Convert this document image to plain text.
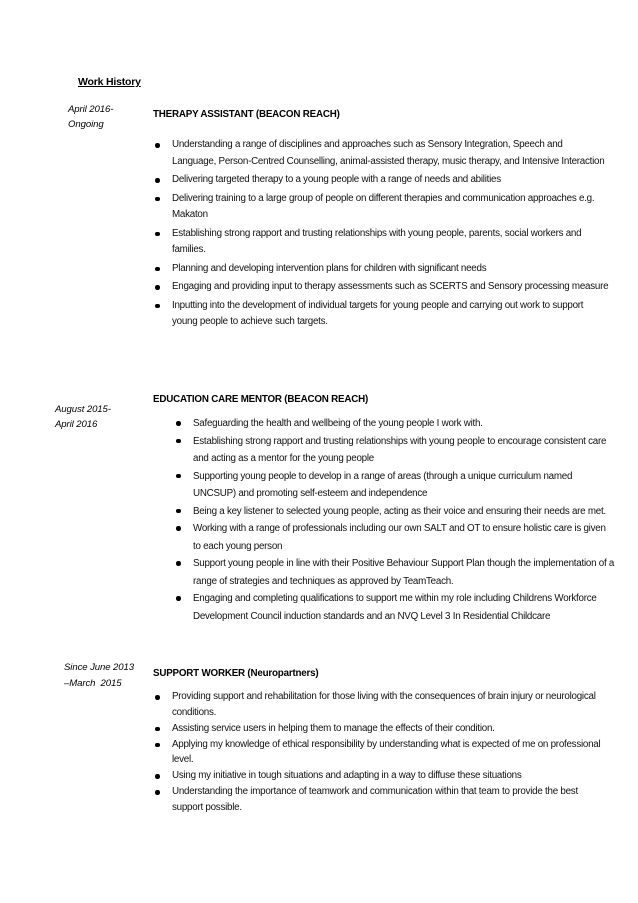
Work History
April 2016-
Ongoing
THERAPY ASSISTANT (BEACON REACH)
Understanding a range of disciplines and approaches such as Sensory Integration, Speech and Language, Person-Centred Counselling, animal-assisted therapy, music therapy, and Intensive Interaction
Delivering targeted therapy to a young people with a range of needs and abilities
Delivering training to a large group of people on different therapies and communication approaches e.g. Makaton
Establishing strong rapport and trusting relationships with young people, parents, social workers and families.
Planning and developing intervention plans for children with significant needs
Engaging and providing input to therapy assessments such as SCERTS and Sensory processing measure
Inputting into the development of individual targets for young people and carrying out work to support young people to achieve such targets.
August 2015-
April 2016
EDUCATION CARE MENTOR (BEACON REACH)
Safeguarding the health and wellbeing of the young people I work with.
Establishing strong rapport and trusting relationships with young people to encourage consistent care and acting as a mentor for the young people
Supporting young people to develop in a range of areas (through a unique curriculum named UNCSUP) and promoting self-esteem and independence
Being a key listener to selected young people, acting as their voice and ensuring their needs are met.
Working with a range of professionals including our own SALT and OT to ensure holistic care is given to each young person
Support young people in line with their Positive Behaviour Support Plan though the implementation of a range of strategies and techniques as approved by TeamTeach.
Engaging and completing qualifications to support me within my role including Childrens Workforce Development Council induction standards and an NVQ Level 3 In Residential Childcare
Since June 2013
–March  2015
SUPPORT WORKER (Neuropartners)
Providing support and rehabilitation for those living with the consequences of brain injury or neurological conditions.
Assisting service users in helping them to manage the effects of their condition.
Applying my knowledge of ethical responsibility by understanding what is expected of me on professional level.
Using my initiative in tough situations and adapting in a way to diffuse these situations
Understanding the importance of teamwork and communication within that team to provide the best support possible.
